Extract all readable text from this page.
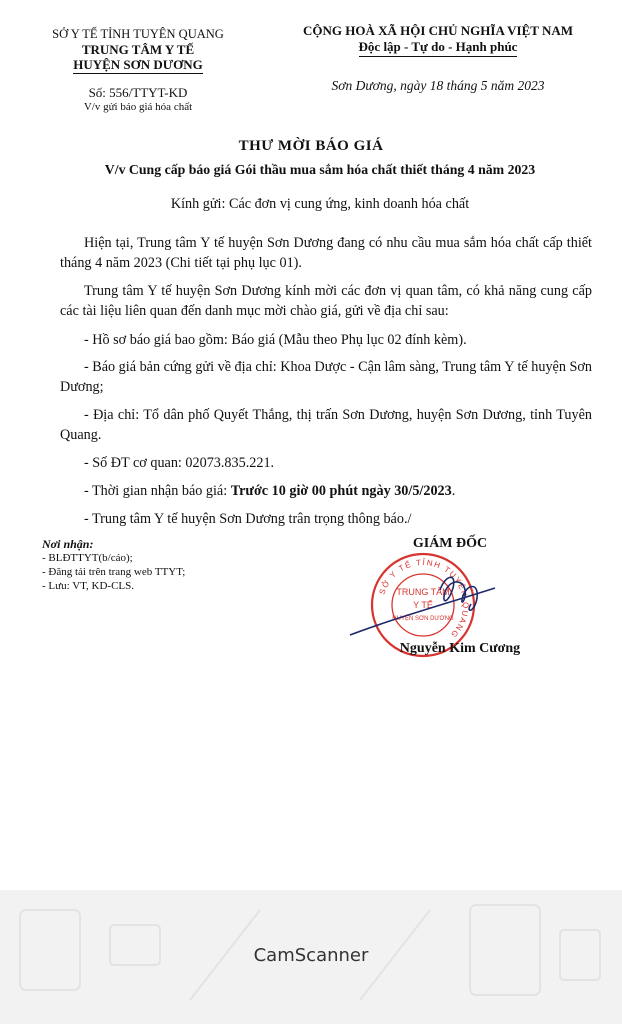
SỞ Y TẾ TỈNH TUYÊN QUANG
TRUNG TÂM Y TẾ
HUYỆN SƠN DƯƠNG
Số: 556/TTYT-KD
V/v gửi báo giá hóa chất
CỘNG HOÀ XÃ HỘI CHỦ NGHĨA VIỆT NAM
Độc lập - Tự do - Hạnh phúc
Sơn Dương, ngày 18 tháng 5 năm 2023
THƯ MỜI BÁO GIÁ
V/v Cung cấp báo giá Gói thầu mua sắm hóa chất thiết tháng 4 năm 2023
Kính gửi: Các đơn vị cung ứng, kinh doanh hóa chất
Hiện tại, Trung tâm Y tế huyện Sơn Dương đang có nhu cầu mua sắm hóa chất cấp thiết tháng 4 năm 2023 (Chi tiết tại phụ lục 01).
Trung tâm Y tế huyện Sơn Dương kính mời các đơn vị quan tâm, có khả năng cung cấp các tài liệu liên quan đến danh mục mời chào giá, gửi về địa chỉ sau:
- Hồ sơ báo giá bao gồm: Báo giá (Mẫu theo Phụ lục 02 đính kèm).
- Báo giá bản cứng gửi về địa chỉ: Khoa Dược - Cận lâm sàng, Trung tâm Y tế huyện Sơn Dương;
- Địa chỉ: Tổ dân phố Quyết Thắng, thị trấn Sơn Dương, huyện Sơn Dương, tỉnh Tuyên Quang.
- Số ĐT cơ quan: 02073.835.221.
- Thời gian nhận báo giá: Trước 10 giờ 00 phút ngày 30/5/2023.
- Trung tâm Y tế huyện Sơn Dương trân trọng thông báo./
Nơi nhận:
- BLĐTTYT(b/cáo);
- Đăng tải trên trang web TTYT;
- Lưu: VT, KD-CLS.
GIÁM ĐỐC
SỞ Y TẾ TỈNH TUYÊN QUANG
TRUNG TÂM
Y TẾ
HUYỆN SƠN DƯƠNG
Nguyễn Kim Cương
CamScanner
